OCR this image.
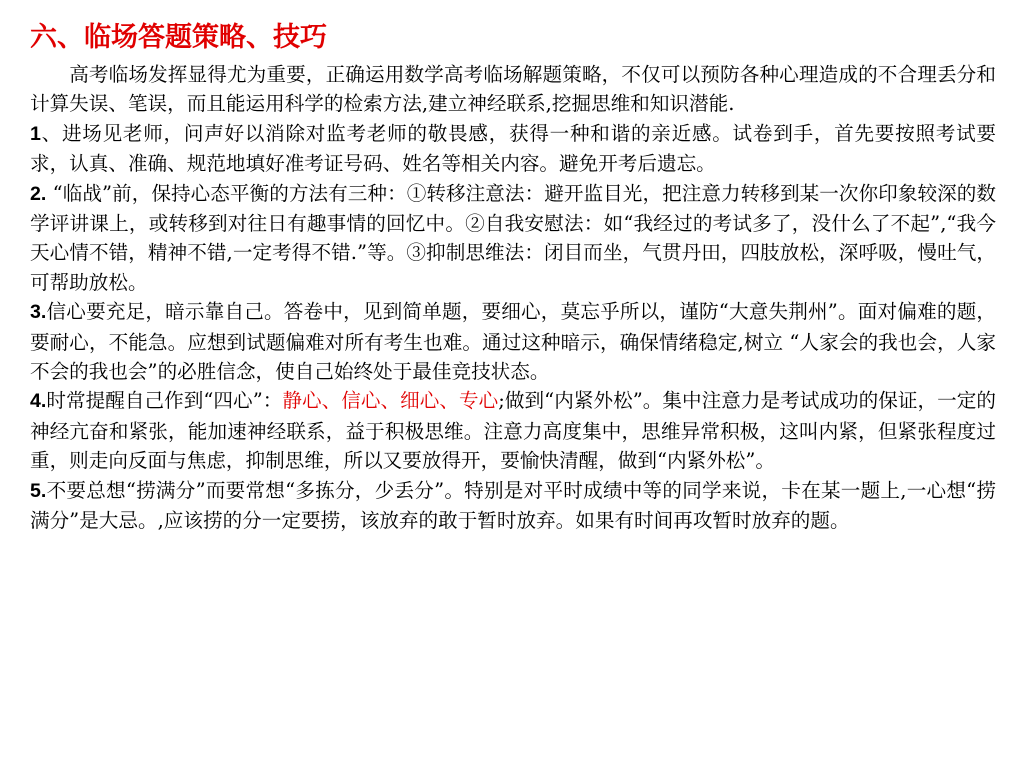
六、临场答题策略、技巧

高考临场发挥显得尤为重要，正确运用数学高考临场解题策略，不仅可以预防各种心理造成的不合理丢分和计算失误、笔误，而且能运用科学的检索方法,建立神经联系,挖掘思维和知识潜能.

1、进场见老师，问声好以消除对监考老师的敬畏感，获得一种和谐的亲近感。试卷到手，首先要按照考试要求，认真、准确、规范地填好准考证号码、姓名等相关内容。避免开考后遗忘。

2. “临战”前，保持心态平衡的方法有三种：①转移注意法：避开监目光，把注意力转移到某一次你印象较深的数学评讲课上，或转移到对往日有趣事情的回忆中。②自我安慰法：如“我经过的考试多了，没什么了不起”,“我今天心情不错，精神不错,一定考得不错.”等。③抑制思维法：闭目而坐，气贯丹田，四肢放松，深呼吸，慢吐气，可帮助放松。

3.信心要充足，暗示靠自己。答卷中，见到简单题，要细心，莫忘乎所以，谨防“大意失荆州”。面对偏难的题，要耐心，不能急。应想到试题偏难对所有考生也难。通过这种暗示，确保情绪稳定,树立 “人家会的我也会，人家不会的我也会”的必胜信念，使自己始终处于最佳竞技状态。

4.时常提醒自己作到“四心”：静心、信心、细心、专心;做到“内紧外松”。集中注意力是考试成功的保证，一定的神经亢奋和紧张，能加速神经联系，益于积极思维。注意力高度集中，思维异常积极，这叫内紧，但紧张程度过重，则走向反面与焦虑，抑制思维，所以又要放得开，要愉快清醒，做到“内紧外松”。

5.不要总想“捞满分”而要常想“多拣分，少丢分”。特别是对平时成绩中等的同学来说，卡在某一题上,一心想“捞满分”是大忌。,应该捞的分一定要捞，该放弃的敢于暂时放弃。如果有时间再攻暂时放弃的题。
